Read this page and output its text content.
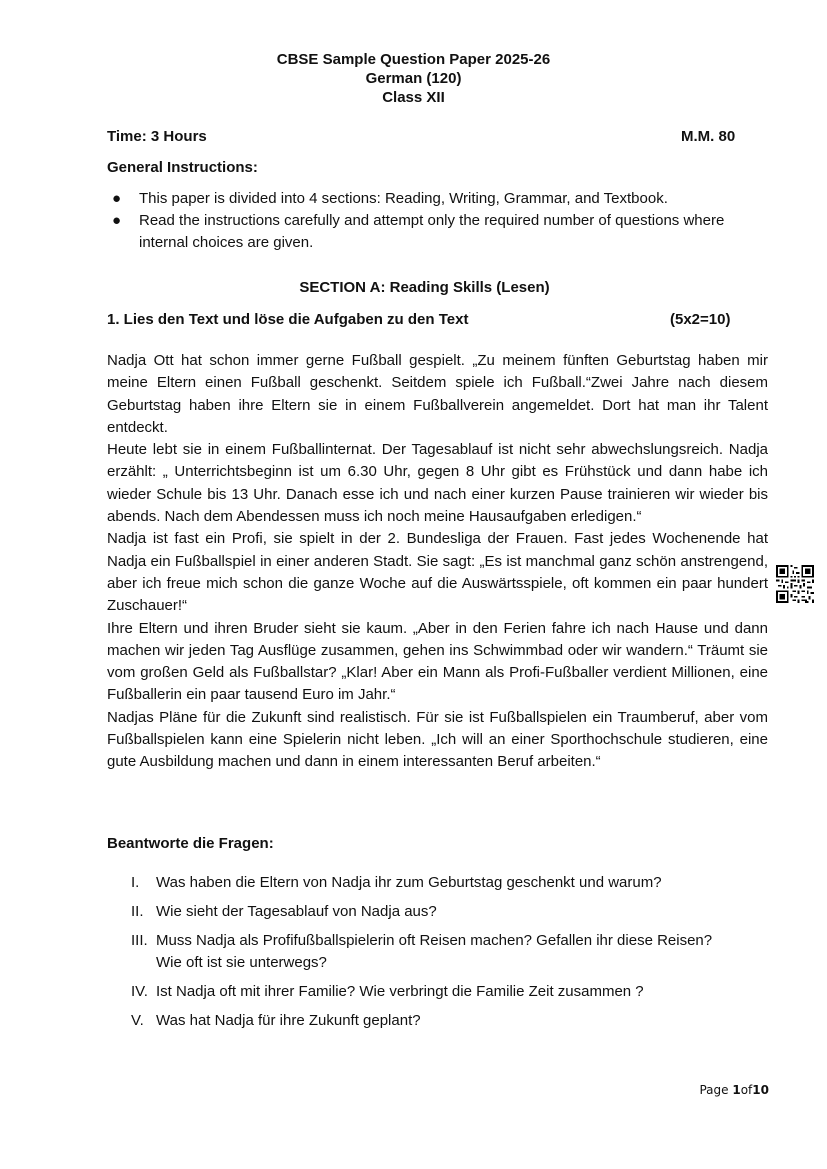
CBSE Sample Question Paper 2025-26
German (120)
Class XII
Time: 3 Hours	M.M. 80
General Instructions:
● This paper is divided into 4 sections: Reading, Writing, Grammar, and Textbook.
● Read the instructions carefully and attempt only the required number of questions where internal choices are given.
SECTION A: Reading Skills (Lesen)
1. Lies den Text und löse die Aufgaben zu den Text	(5x2=10)

Nadja Ott hat schon immer gerne Fußball gespielt. „Zu meinem fünften Geburtstag haben mir meine Eltern einen Fußball geschenkt. Seitdem spiele ich Fußball.“Zwei Jahre nach diesem Geburtstag haben ihre Eltern sie in einem Fußballverein angemeldet. Dort hat man ihr Talent entdeckt.

Heute lebt sie in einem Fußballinternat. Der Tagesablauf ist nicht sehr abwechslungsreich. Nadja erzählt: „ Unterrichtsbeginn ist um 6.30 Uhr, gegen 8 Uhr gibt es Frühstück und dann habe ich wieder Schule bis 13 Uhr. Danach esse ich und nach einer kurzen Pause trainieren wir wieder bis abends. Nach dem Abendessen muss ich noch meine Hausaufgaben erledigen.“

Nadja ist fast ein Profi, sie spielt in der 2. Bundesliga der Frauen. Fast jedes Wochenende hat Nadja ein Fußballspiel in einer anderen Stadt. Sie sagt: „Es ist manchmal ganz schön anstrengend, aber ich freue mich schon die ganze Woche auf die Auswärtsspiele, oft kommen ein paar hundert Zuschauer!“

Ihre Eltern und ihren Bruder sieht sie kaum. „Aber in den Ferien fahre ich nach Hause und dann machen wir jeden Tag Ausflüge zusammen, gehen ins Schwimmbad oder wir wandern.“ Träumt sie vom großen Geld als Fußballstar? „Klar! Aber ein Mann als Profi-Fußballer verdient Millionen, eine Fußballerin ein paar tausend Euro im Jahr.“

Nadjas Pläne für die Zukunft sind realistisch. Für sie ist Fußballspielen ein Traumberuf, aber vom Fußballspielen kann eine Spielerin nicht leben. „Ich will an einer Sporthochschule studieren, eine gute Ausbildung machen und dann in einem interessanten Beruf arbeiten.“

Beantworte die Fragen:
I. Was haben die Eltern von Nadja ihr zum Geburtstag geschenkt und warum?
II. Wie sieht der Tagesablauf von Nadja aus?
III. Muss Nadja als Profifußballspielerin oft Reisen machen? Gefallen ihr diese Reisen? Wie oft ist sie unterwegs?
IV. Ist Nadja oft mit ihrer Familie? Wie verbringt die Familie Zeit zusammen ?
V. Was hat Nadja für ihre Zukunft geplant?
Page 1of10
